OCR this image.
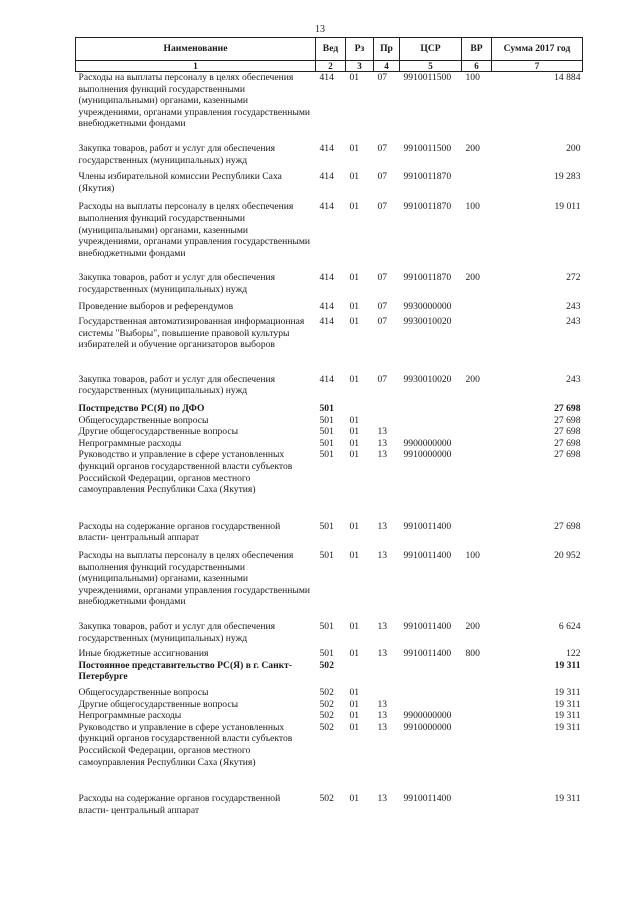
13
Наименование	Вед	Рз	Пр	ЦСР	ВР	Сумма 2017 год
1	2	3	4	5	6	7
Расходы на выплаты персоналу в целях обеспечения выполнения функций государственными (муниципальными) органами, казенными учреждениями, органами управления государственными внебюджетными фондами	414	01	07	9910011500	100	14 884
Закупка товаров, работ и услуг для обеспечения государственных (муниципальных) нужд	414	01	07	9910011500	200	200
Члены избирательной комиссии Республики Саха (Якутия)	414	01	07	9910011870		19 283
Расходы на выплаты персоналу в целях обеспечения выполнения функций государственными (муниципальными) органами, казенными учреждениями, органами управления государственными внебюджетными фондами	414	01	07	9910011870	100	19 011
Закупка товаров, работ и услуг для обеспечения государственных (муниципальных) нужд	414	01	07	9910011870	200	272
Проведение выборов и референдумов	414	01	07	9930000000		243
Государственная автоматизированная информационная системы "Выборы", повышение правовой культуры избирателей и обучение организаторов выборов	414	01	07	9930010020		243
Закупка товаров, работ и услуг для обеспечения государственных (муниципальных) нужд	414	01	07	9930010020	200	243
Постпредство РС(Я) по ДФО	501					27 698
Общегосударственные вопросы	501	01				27 698
Другие общегосударственные вопросы	501	01	13			27 698
Непрограммные расходы	501	01	13	9900000000		27 698
Руководство и управление в сфере установленных функций органов государственной власти субъектов Российской Федерации, органов местного самоуправления Республики Саха (Якутия)	501	01	13	9910000000		27 698
Расходы на содержание органов государственной власти- центральный аппарат	501	01	13	9910011400		27 698
Расходы на выплаты персоналу в целях обеспечения выполнения функций государственными (муниципальными) органами, казенными учреждениями, органами управления государственными внебюджетными фондами	501	01	13	9910011400	100	20 952
Закупка товаров, работ и услуг для обеспечения государственных (муниципальных) нужд	501	01	13	9910011400	200	6 624
Иные бюджетные ассигнования	501	01	13	9910011400	800	122
Постоянное представительство РС(Я) в г. Санкт-Петербурге	502					19 311
Общегосударственные вопросы	502	01				19 311
Другие общегосударственные вопросы	502	01	13			19 311
Непрограммные расходы	502	01	13	9900000000		19 311
Руководство и управление в сфере установленных функций органов государственной власти субъектов Российской Федерации, органов местного самоуправления Республики Саха (Якутия)	502	01	13	9910000000		19 311
Расходы на содержание органов государственной власти- центральный аппарат	502	01	13	9910011400		19 311
